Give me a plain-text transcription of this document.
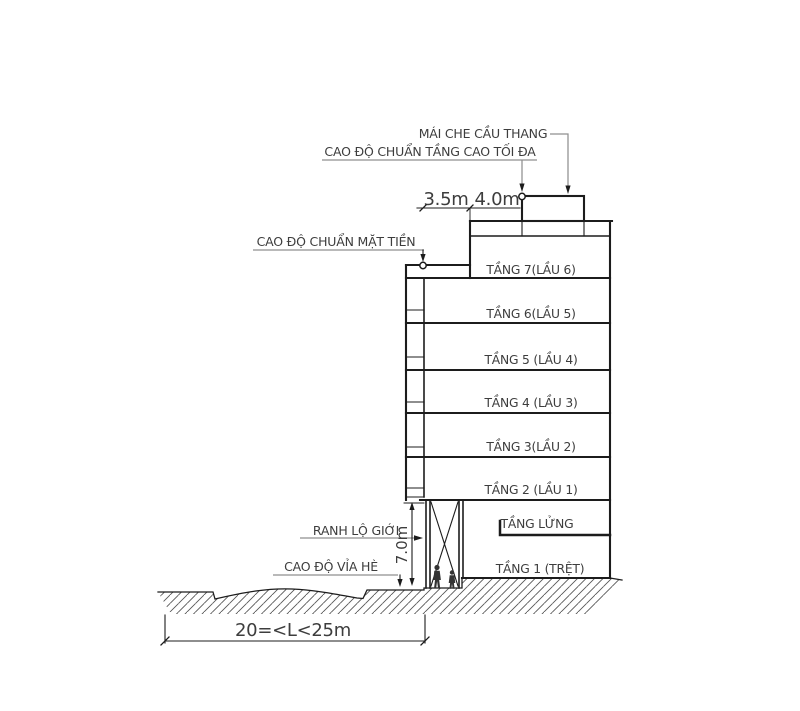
MÁI CHE CẦU THANG
CAO ĐỘ CHUẨN TẦNG CAO TỐI ĐA
3.5m 4.0m
CAO ĐỘ CHUẨN MẶT TIỀN
TẦNG 7(LẦU 6)
TẦNG 6(LẦU 5)
TẦNG 5 (LẦU 4)
TẦNG 4 (LẦU 3)
TẦNG 3(LẦU 2)
TẦNG 2 (LẦU 1)
TẦNG LỬNG
TẦNG 1 (TRỆT)
RANH LỘ GIỚI
7.0m
CAO ĐỘ VỈA HÈ
20=<L<25m
